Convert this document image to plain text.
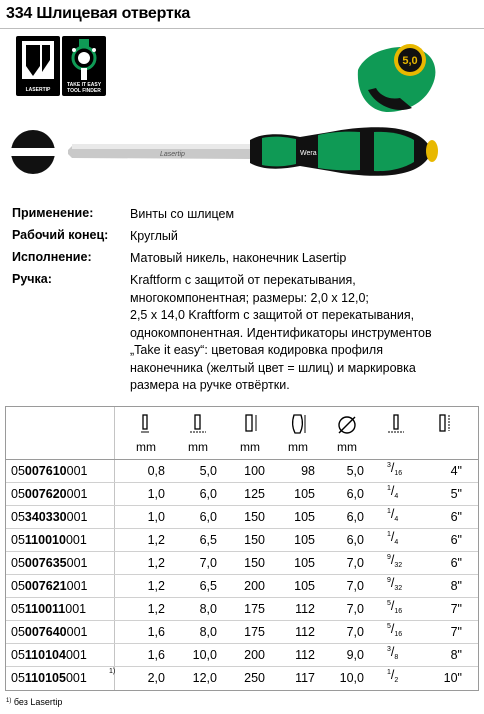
334 Шлицевая отвертка
LASERTIP
TAKE IT EASY
TOOL FINDER
Lasertip	Wera
5,0
Применение:	Винты со шлицем
Рабочий конец: Круглый
Исполнение:	Матовый никель, наконечник Lasertip
Ручка:	Kraftform с защитой от перекатывания,
многокомпонентная; размеры: 2,0 x 12,0;
2,5 x 14,0 Kraftform с защитой от перекатывания,
однокомпонентная. Идентификаторы инструментов
„Take it easy“: цветовая кодировка профиля
наконечника (желтый цвет = шлиц) и маркировка
размера на ручке отвёртки.
mm	mm	mm	mm	mm
05007610001	0,8	5,0 100	98	5,0	$^3/_{16}$	4"
05007620001	1,0	6,0 125 105	6,0	$^1/_4$	5"
05340330001	1,0	6,0 150 105	6,0	$^1/_4$	6"
05110010001	1,2	6,5 150 105	6,0	$^1/_4$	6"
05007635001	1,2	7,0 150 105	7,0	$^9/_{32}$	6"
05007621001	1,2	6,5 200 105	7,0	$^9/_{32}$	8"
05110011001	1,2	8,0 175 112	7,0	$^5/_{16}$	7"
05007640001	1,6	8,0 175 112	7,0	$^5/_{16}$	7"
05110104001	1,6 10,0 200 112	9,0	$^3/_8$	8"
05110105001	1)	2,0 12,0 250 117 10,0	$^1/_2$	10"
$^{1)}$ без Lasertip
